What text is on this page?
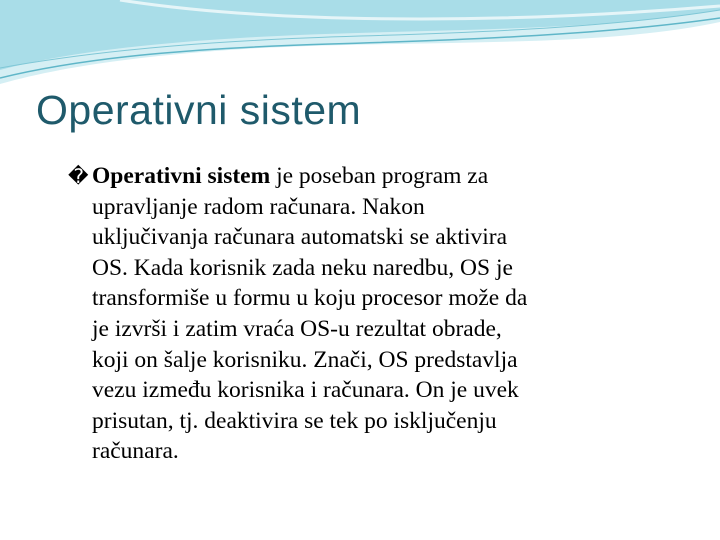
Operativni sistem
� Operativni sistem je poseban program za
upravljanje radom računara. Nakon
uključivanja računara automatski se aktivira
OS. Kada korisnik zada neku naredbu, OS je
transformiše u formu u koju procesor može da
je izvrši i zatim vraća OS-u rezultat obrade,
koji on šalje korisniku. Znači, OS predstavlja
vezu između korisnika i računara. On je uvek
prisutan, tj. deaktivira se tek po isključenju
računara.
